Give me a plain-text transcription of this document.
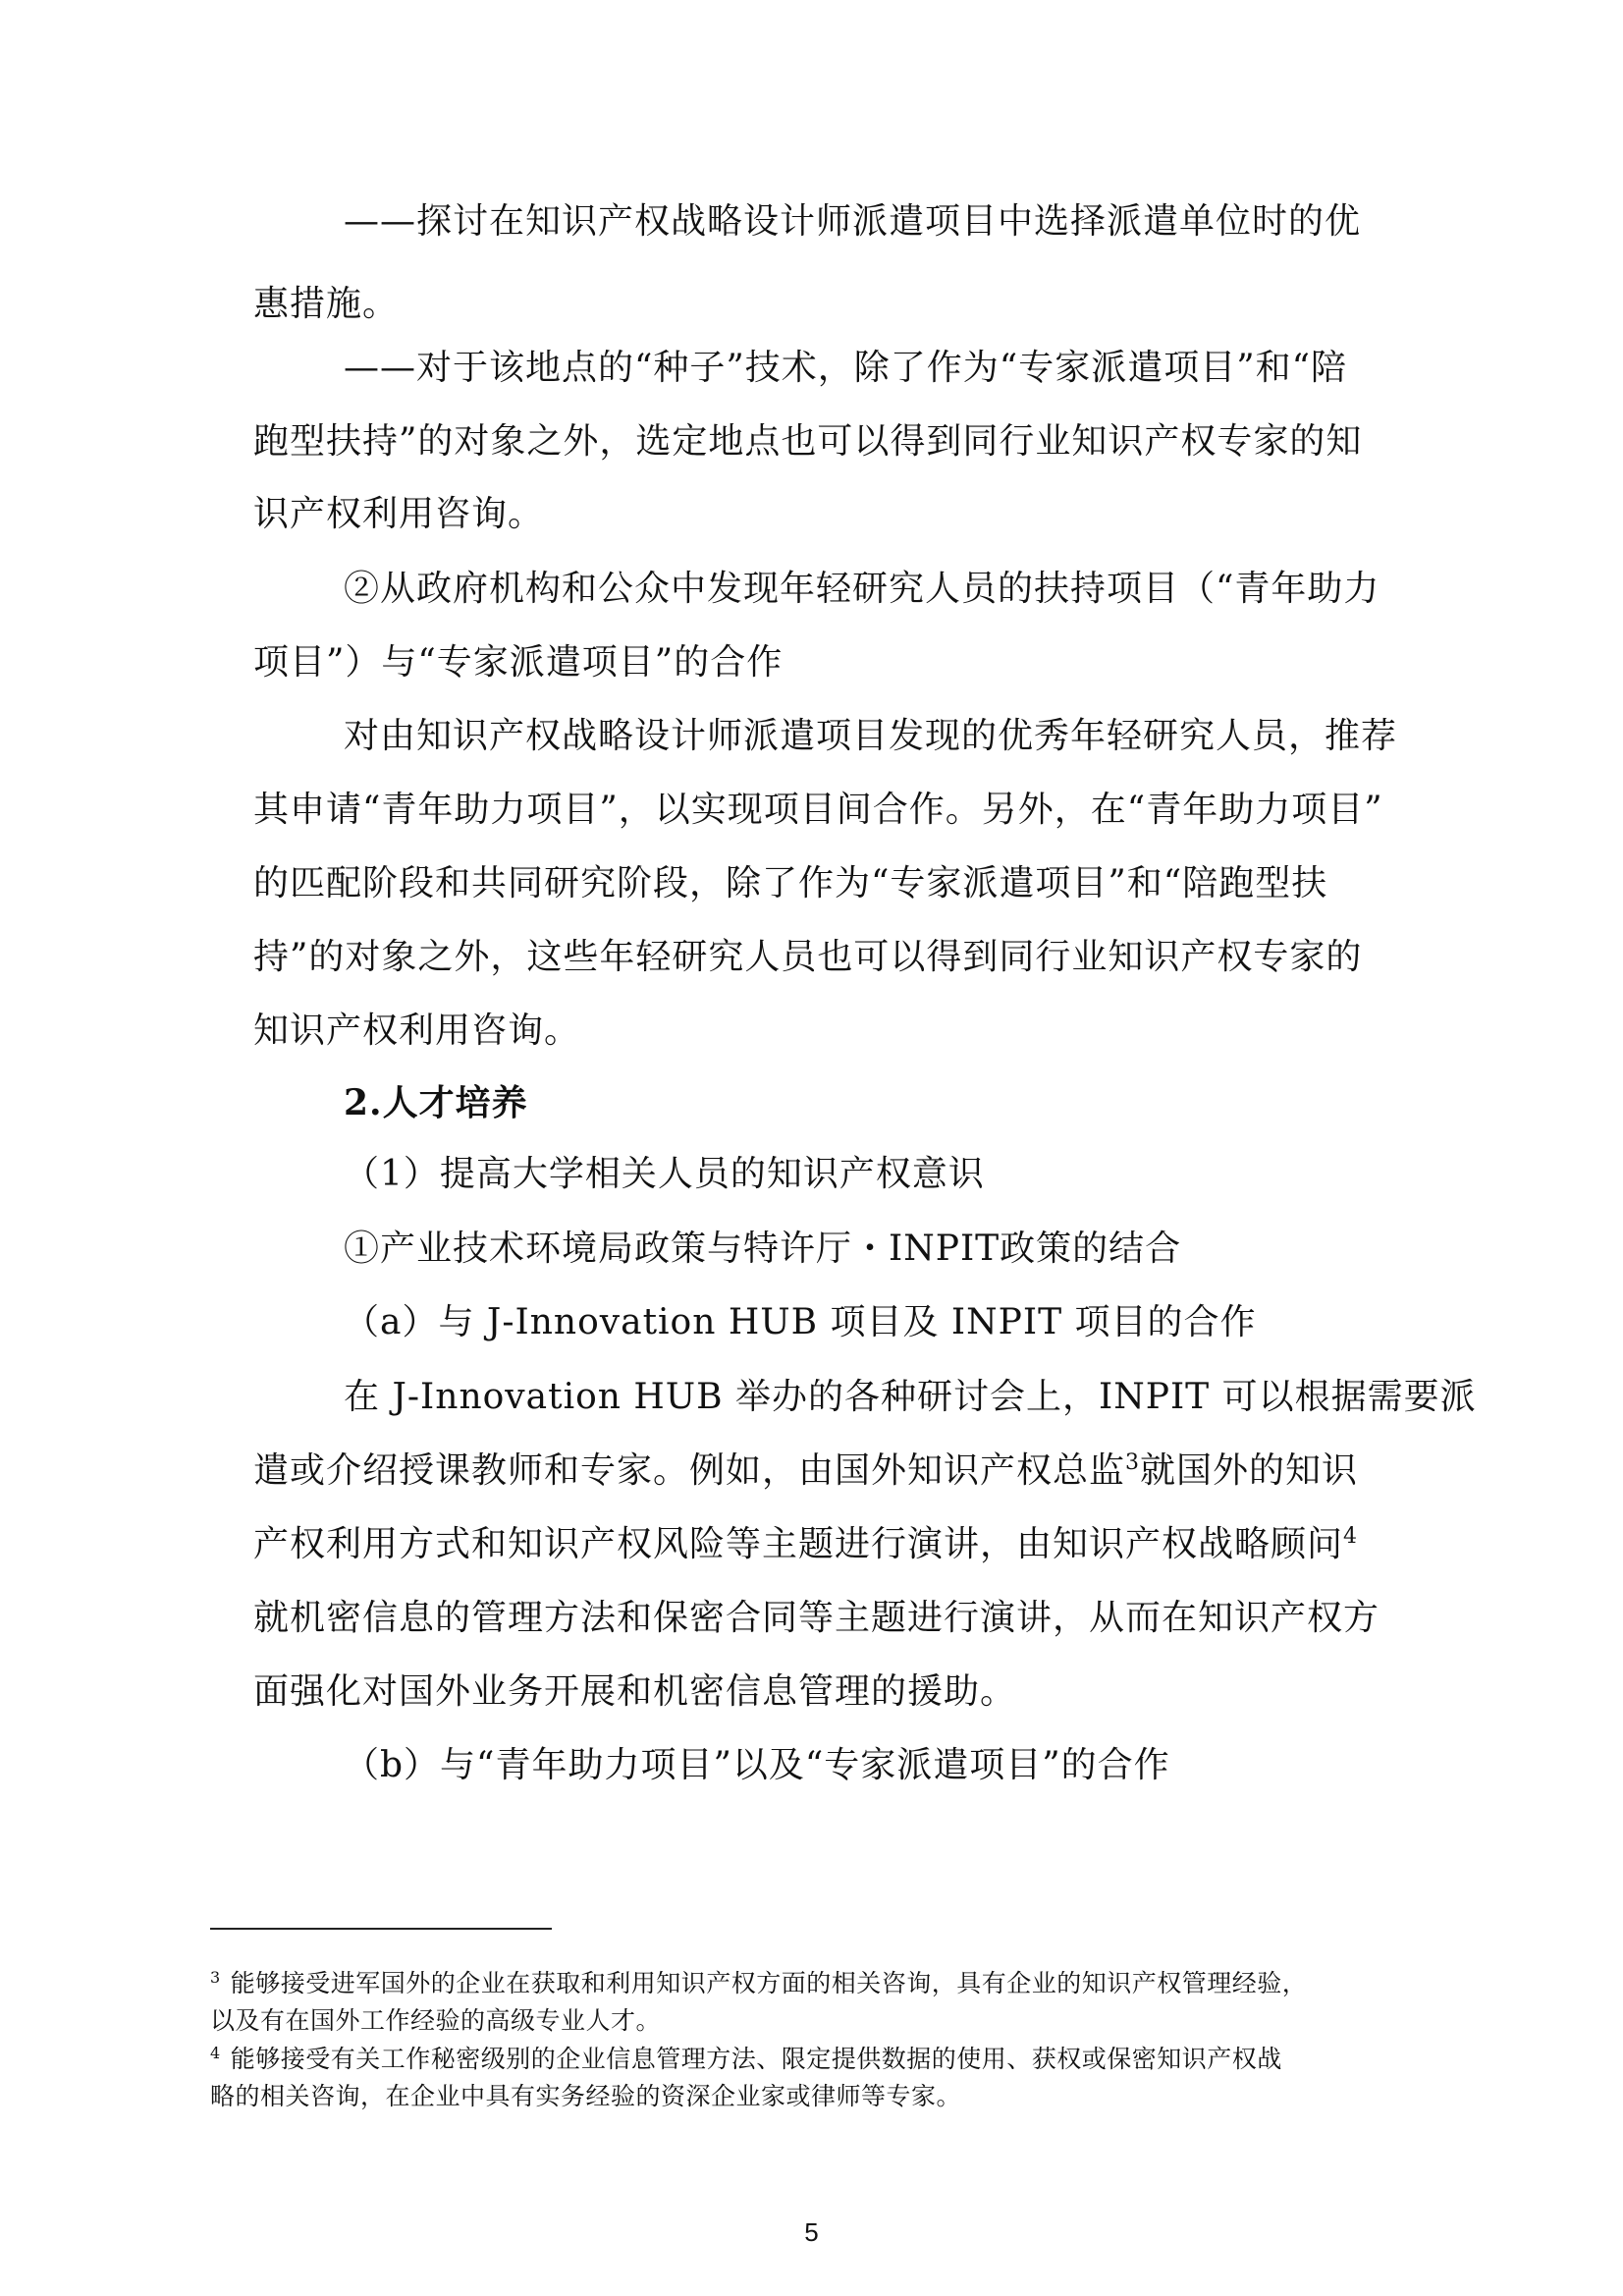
——探讨在知识产权战略设计师派遣项目中选择派遣单位时的优
惠措施。
——对于该地点的“种子”技术，除了作为“专家派遣项目”和“陪
跑型扶持”的对象之外，选定地点也可以得到同行业知识产权专家的知
识产权利用咨询。
②从政府机构和公众中发现年轻研究人员的扶持项目（“青年助力
项目”）与“专家派遣项目”的合作
对由知识产权战略设计师派遣项目发现的优秀年轻研究人员，推荐
其申请“青年助力项目”，以实现项目间合作。另外，在“青年助力项目”
的匹配阶段和共同研究阶段，除了作为“专家派遣项目”和“陪跑型扶
持”的对象之外，这些年轻研究人员也可以得到同行业知识产权专家的
知识产权利用咨询。
2.人才培养
（1）提高大学相关人员的知识产权意识
①产业技术环境局政策与特许厅・INPIT政策的结合
（a）与 J-Innovation HUB 项目及 INPIT 项目的合作
在 J-Innovation HUB 举办的各种研讨会上，INPIT 可以根据需要派
遣或介绍授课教师和专家。例如，由国外知识产权总监$^3$就国外的知识
产权利用方式和知识产权风险等主题进行演讲，由知识产权战略顾问$^4$
就机密信息的管理方法和保密合同等主题进行演讲，从而在知识产权方
面强化对国外业务开展和机密信息管理的援助。
（b）与“青年助力项目”以及“专家派遣项目”的合作
$^3$ 能够接受进军国外的企业在获取和利用知识产权方面的相关咨询，具有企业的知识产权管理经验，
以及有在国外工作经验的高级专业人才。
$^4$ 能够接受有关工作秘密级别的企业信息管理方法、限定提供数据的使用、获权或保密知识产权战
略的相关咨询，在企业中具有实务经验的资深企业家或律师等专家。
5
